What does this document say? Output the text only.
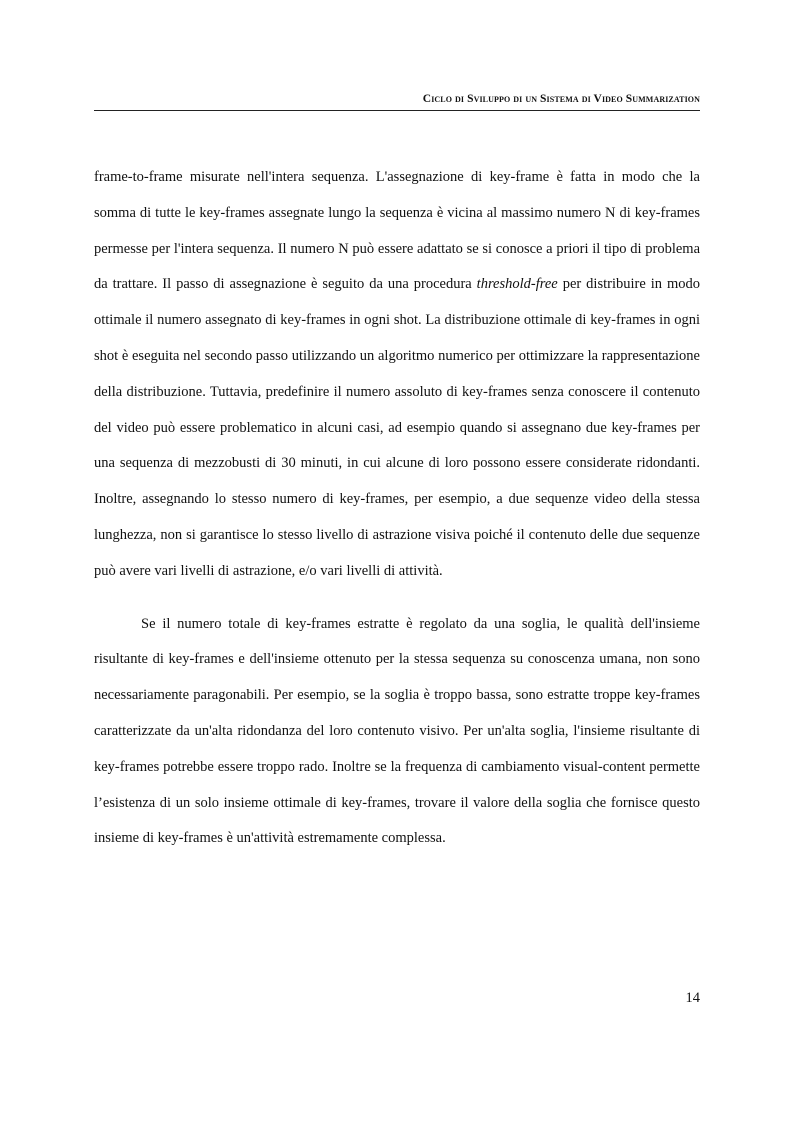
Ciclo di Sviluppo di un Sistema di Video Summarization

frame-to-frame misurate nell'intera sequenza. L'assegnazione di key-frame è fatta in modo che la somma di tutte le key-frames assegnate lungo la sequenza è vicina al massimo numero N di key-frames permesse per l'intera sequenza. Il numero N può essere adattato se si conosce a priori il tipo di problema da trattare. Il passo di assegnazione è seguito da una procedura threshold-free per distribuire in modo ottimale il numero assegnato di key-frames in ogni shot. La distribuzione ottimale di key-frames in ogni shot è eseguita nel secondo passo utilizzando un algoritmo numerico per ottimizzare la rappresentazione della distribuzione. Tuttavia, predefinire il numero assoluto di key-frames senza conoscere il contenuto del video può essere problematico in alcuni casi, ad esempio quando si assegnano due key-frames per una sequenza di mezzobusti di 30 minuti, in cui alcune di loro possono essere considerate ridondanti. Inoltre, assegnando lo stesso numero di key-frames, per esempio, a due sequenze video della stessa lunghezza, non si garantisce lo stesso livello di astrazione visiva poiché il contenuto delle due sequenze può avere vari livelli di astrazione, e/o vari livelli di attività.

Se il numero totale di key-frames estratte è regolato da una soglia, le qualità dell'insieme risultante di key-frames e dell'insieme ottenuto per la stessa sequenza su conoscenza umana, non sono necessariamente paragonabili. Per esempio, se la soglia è troppo bassa, sono estratte troppe key-frames caratterizzate da un'alta ridondanza del loro contenuto visivo. Per un'alta soglia, l'insieme risultante di key-frames potrebbe essere troppo rado. Inoltre se la frequenza di cambiamento visual-content permette l’esistenza di un solo insieme ottimale di key-frames, trovare il valore della soglia che fornisce questo insieme di key-frames è un'attività estremamente complessa.

14
